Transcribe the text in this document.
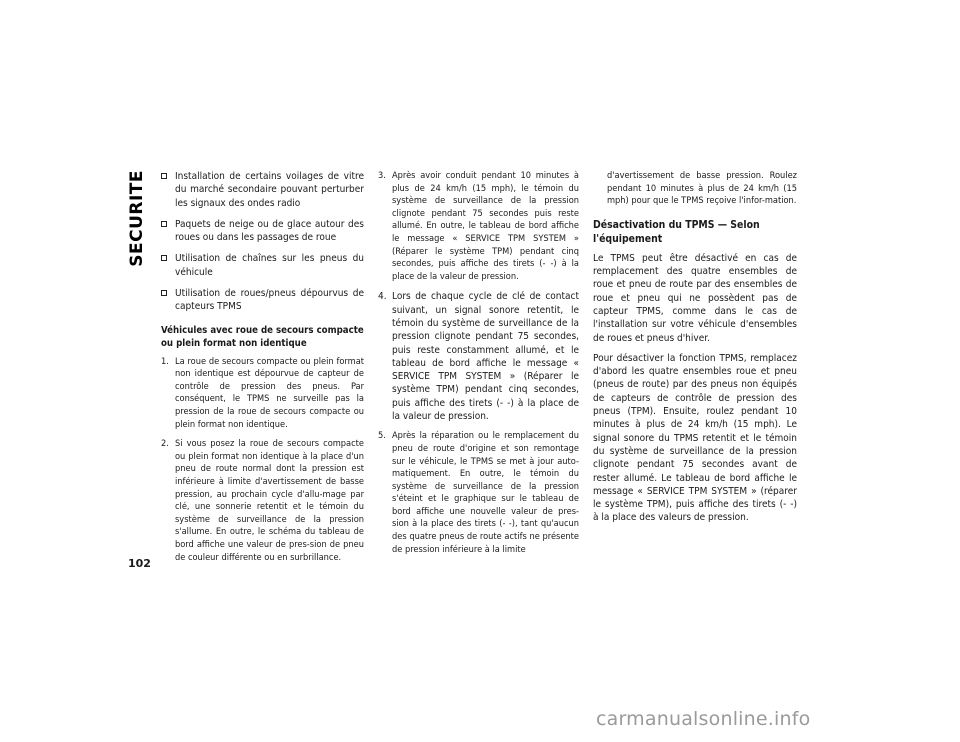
SECURITE
102
Installation de certains voilages de vitre du marché secondaire pouvant perturber les signaux des ondes radio
Paquets de neige ou de glace autour des roues ou dans les passages de roue
Utilisation de chaînes sur les pneus du véhicule
Utilisation de roues/pneus dépourvus de capteurs TPMS
Véhicules avec roue de secours compacte ou plein format non identique
1. La roue de secours compacte ou plein format non identique est dépourvue de capteur de contrôle de pression des pneus. Par conséquent, le TPMS ne surveille pas la pression de la roue de secours compacte ou plein format non identique.
2. Si vous posez la roue de secours compacte ou plein format non identique à la place d'un pneu de route normal dont la pression est inférieure à limite d'avertissement de basse pression, au prochain cycle d'allu-mage par clé, une sonnerie retentit et le témoin du système de surveillance de la pression s'allume. En outre, le schéma du tableau de bord affiche une valeur de pres-sion de pneu de couleur différente ou en surbrillance.
3. Après avoir conduit pendant 10 minutes à plus de 24 km/h (15 mph), le témoin du système de surveillance de la pression clignote pendant 75 secondes puis reste allumé. En outre, le tableau de bord affiche le message « SERVICE TPM SYSTEM » (Réparer le système TPM) pendant cinq secondes, puis affiche des tirets (- -) à la place de la valeur de pression.
4. Lors de chaque cycle de clé de contact suivant, un signal sonore retentit, le témoin du système de surveillance de la pression clignote pendant 75 secondes, puis reste constamment allumé, et le tableau de bord affiche le message « SERVICE TPM SYSTEM » (Réparer le système TPM) pendant cinq secondes, puis affiche des tirets (- -) à la place de la valeur de pression.
5. Après la réparation ou le remplacement du pneu de route d'origine et son remontage sur le véhicule, le TPMS se met à jour auto-matiquement. En outre, le témoin du système de surveillance de la pression s'éteint et le graphique sur le tableau de bord affiche une nouvelle valeur de pres-sion à la place des tirets (- -), tant qu'aucun des quatre pneus de route actifs ne présente de pression inférieure à la limite
d'avertissement de basse pression. Roulez pendant 10 minutes à plus de 24 km/h (15 mph) pour que le TPMS reçoive l'infor-mation.
Désactivation du TPMS — Selon l'équipement

Le TPMS peut être désactivé en cas de remplacement des quatre ensembles de roue et pneu de route par des ensembles de roue et pneu qui ne possèdent pas de capteur TPMS, comme dans le cas de l'installation sur votre véhicule d'ensembles de roues et pneus d'hiver.

Pour désactiver la fonction TPMS, remplacez d'abord les quatre ensembles roue et pneu (pneus de route) par des pneus non équipés de capteurs de contrôle de pression des pneus (TPM). Ensuite, roulez pendant 10 minutes à plus de 24 km/h (15 mph). Le signal sonore du TPMS retentit et le témoin du système de surveillance de la pression clignote pendant 75 secondes avant de rester allumé. Le tableau de bord affiche le message « SERVICE TPM SYSTEM » (réparer le système TPM), puis affiche des tirets (- -) à la place des valeurs de pression.

carmanualsonline.info
